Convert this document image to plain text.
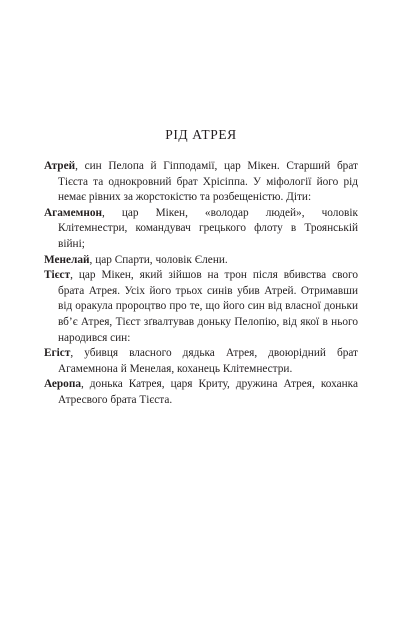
РІД АТРЕЯ

Атрей, син Пелопа й Гіпподамії, цар Мікен. Старший брат Тієста та однокровний брат Хрісіппа. У міфології його рід немає рівних за жорстокістю та розбещеністю. Діти:

Агамемнон, цар Мікен, «володар людей», чоловік Клітемнестри, командувач грецького флоту в Троянській війні;

Менелай, цар Спарти, чоловік Єлени.

Тієст, цар Мікен, який зійшов на трон після вбивства свого брата Атрея. Усіх його трьох синів убив Атрей. Отримавши від оракула пророцтво про те, що його син від власної доньки вб’є Атрея, Тієст зґвалтував доньку Пелопію, від якої в нього народився син:

Егіст, убивця власного дядька Атрея, двоюрідний брат Агамемнона й Менелая, коханець Клітемнестри.

Аеропа, донька Катрея, царя Криту, дружина Атрея, коханка Атресвого брата Тієста.
